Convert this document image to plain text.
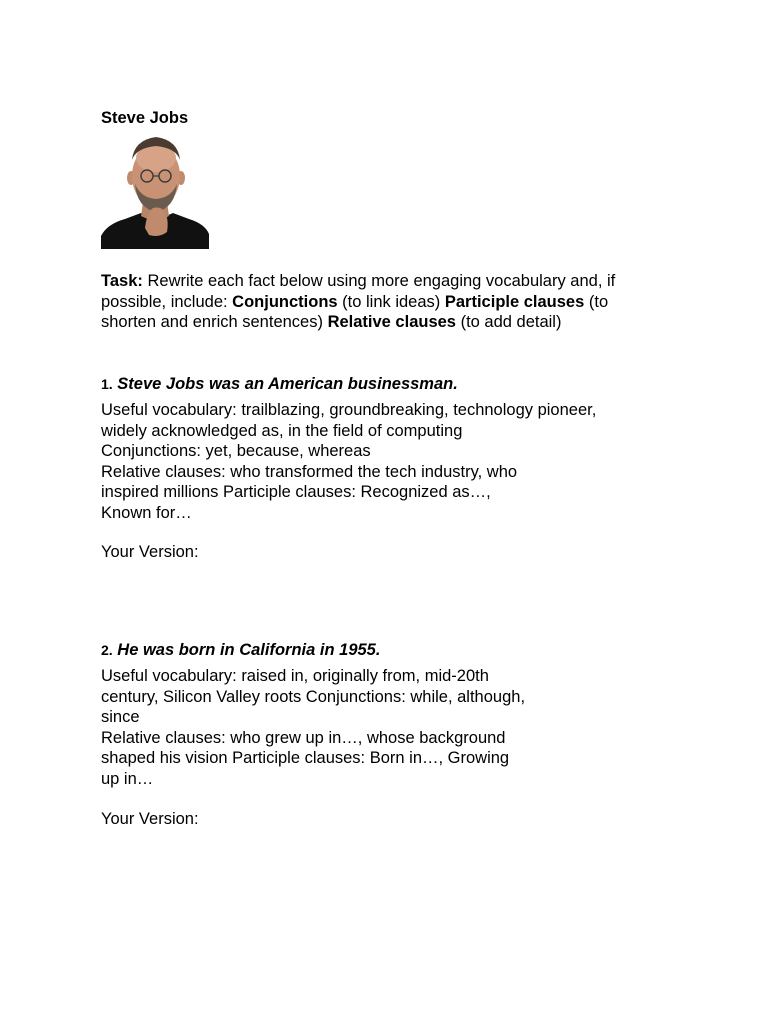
Steve Jobs
Task: Rewrite each fact below using more engaging vocabulary and, if
possible, include: Conjunctions (to link ideas) Participle clauses (to
shorten and enrich sentences) Relative clauses (to add detail)
1. Steve Jobs was an American businessman.
Useful vocabulary: trailblazing, groundbreaking, technology pioneer,
widely acknowledged as, in the field of computing
Conjunctions: yet, because, whereas
Relative clauses: who transformed the tech industry, who
inspired millions Participle clauses: Recognized as…,
Known for…
Your Version:
2. He was born in California in 1955.
Useful vocabulary: raised in, originally from, mid-20th
century, Silicon Valley roots Conjunctions: while, although,
since
Relative clauses: who grew up in…, whose background
shaped his vision Participle clauses: Born in…, Growing
up in…
Your Version:
